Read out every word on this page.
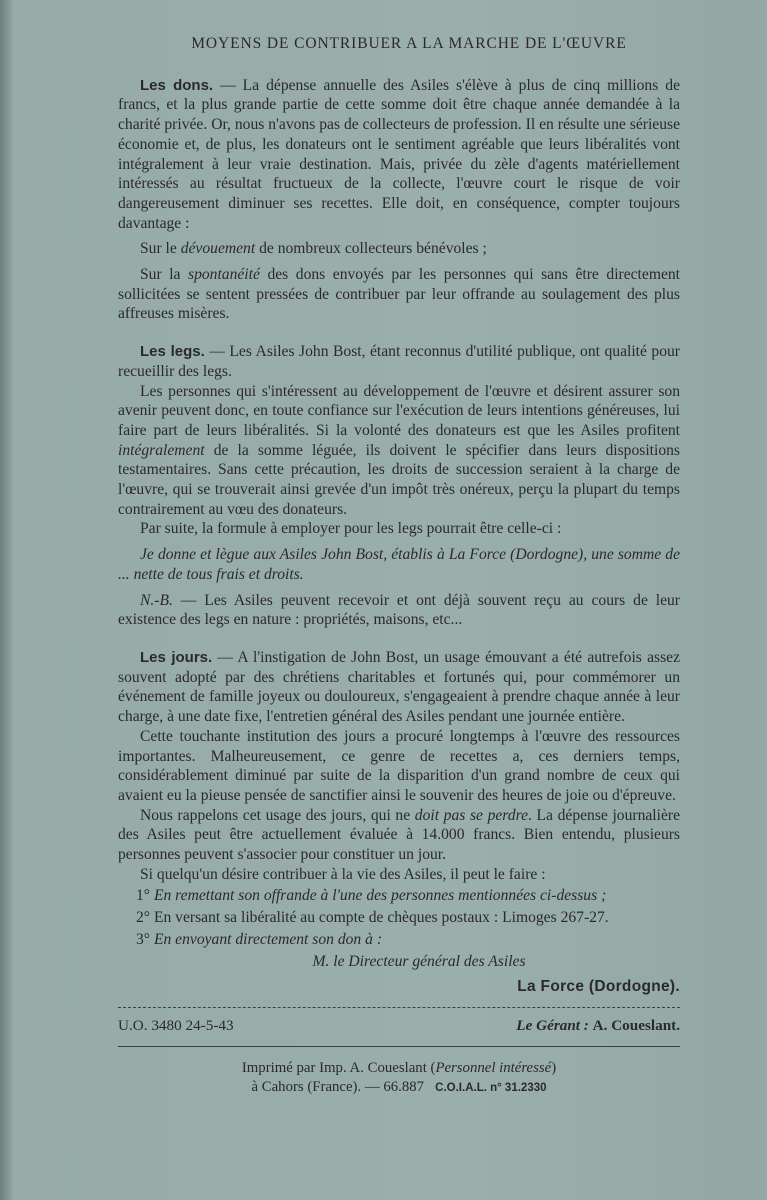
MOYENS DE CONTRIBUER A LA MARCHE DE L'ŒUVRE

Les dons. — La dépense annuelle des Asiles s'élève à plus de cinq millions de francs, et la plus grande partie de cette somme doit être chaque année demandée à la charité privée. Or, nous n'avons pas de collecteurs de profession. Il en résulte une sérieuse économie et, de plus, les donateurs ont le sentiment agréable que leurs libéralités vont intégralement à leur vraie destination. Mais, privée du zèle d'agents matériellement intéressés au résultat fructueux de la collecte, l'œuvre court le risque de voir dangereusement diminuer ses recettes. Elle doit, en conséquence, compter toujours davantage :

Sur le dévouement de nombreux collecteurs bénévoles ;

Sur la spontanéité des dons envoyés par les personnes qui sans être directement sollicitées se sentent pressées de contribuer par leur offrande au soulagement des plus affreuses misères.

Les legs. — Les Asiles John Bost, étant reconnus d'utilité publique, ont qualité pour recueillir des legs.

Les personnes qui s'intéressent au développement de l'œuvre et désirent assurer son avenir peuvent donc, en toute confiance sur l'exécution de leurs intentions généreuses, lui faire part de leurs libéralités. Si la volonté des donateurs est que les Asiles profitent intégralement de la somme léguée, ils doivent le spécifier dans leurs dispositions testamentaires. Sans cette précaution, les droits de succession seraient à la charge de l'œuvre, qui se trouverait ainsi grevée d'un impôt très onéreux, perçu la plupart du temps contrairement au vœu des donateurs.

Par suite, la formule à employer pour les legs pourrait être celle-ci :

Je donne et lègue aux Asiles John Bost, établis à La Force (Dordogne), une somme de ... nette de tous frais et droits.

N.-B. — Les Asiles peuvent recevoir et ont déjà souvent reçu au cours de leur existence des legs en nature : propriétés, maisons, etc...

Les jours. — A l'instigation de John Bost, un usage émouvant a été autrefois assez souvent adopté par des chrétiens charitables et fortunés qui, pour commémorer un événement de famille joyeux ou douloureux, s'engageaient à prendre chaque année à leur charge, à une date fixe, l'entretien général des Asiles pendant une journée entière.

Cette touchante institution des jours a procuré longtemps à l'œuvre des ressources importantes. Malheureusement, ce genre de recettes a, ces derniers temps, considérablement diminué par suite de la disparition d'un grand nombre de ceux qui avaient eu la pieuse pensée de sanctifier ainsi le souvenir des heures de joie ou d'épreuve.

Nous rappelons cet usage des jours, qui ne doit pas se perdre. La dépense journalière des Asiles peut être actuellement évaluée à 14.000 francs. Bien entendu, plusieurs personnes peuvent s'associer pour constituer un jour.

Si quelqu'un désire contribuer à la vie des Asiles, il peut le faire :

1° En remettant son offrande à l'une des personnes mentionnées ci-dessus ;

2° En versant sa libéralité au compte de chèques postaux : Limoges 267-27.

3° En envoyant directement son don à :

M. le Directeur général des Asiles

La Force (Dordogne).

U.O. 3480 24-5-43	Le Gérant : A. Coueslant.
Imprimé par Imp. A. Coueslant (Personnel intéressé)
à Cahors (France). — 66.887 C.O.I.A.L. n° 31.2330
